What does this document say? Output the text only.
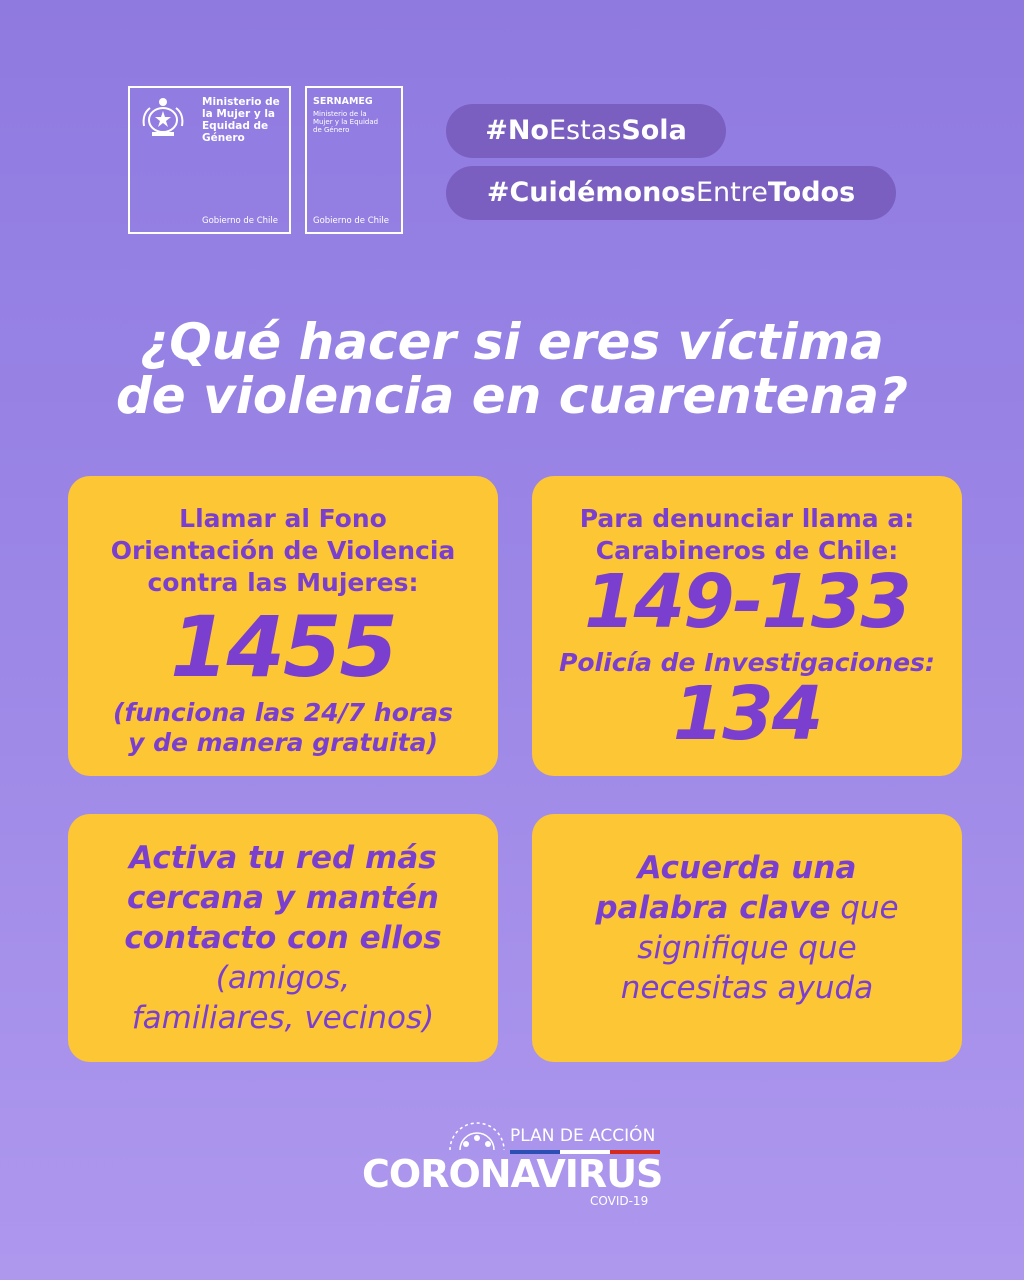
Ministerio de
la Mujer y la
Equidad de
Género
Gobierno de Chile
SERNAMEG
Ministerio de la
Mujer y la Equidad
de Género
Gobierno de Chile
#NoEstasSola
#CuidémonosEntreTodos
¿Qué hacer si eres víctima
de violencia en cuarentena?
Llamar al Fono
Orientación de Violencia
contra las Mujeres:
1455
(funciona las 24/7 horas
y de manera gratuita)
Para denunciar llama a:
Carabineros de Chile:
149-133
Policía de Investigaciones:
134
Activa tu red más
cercana y mantén
contacto con ellos
(amigos,
familiares, vecinos)
Acuerda una
palabra clave que
signifique que
necesitas ayuda
PLAN DE ACCIÓN
CORONAVIRUS
COVID-19
